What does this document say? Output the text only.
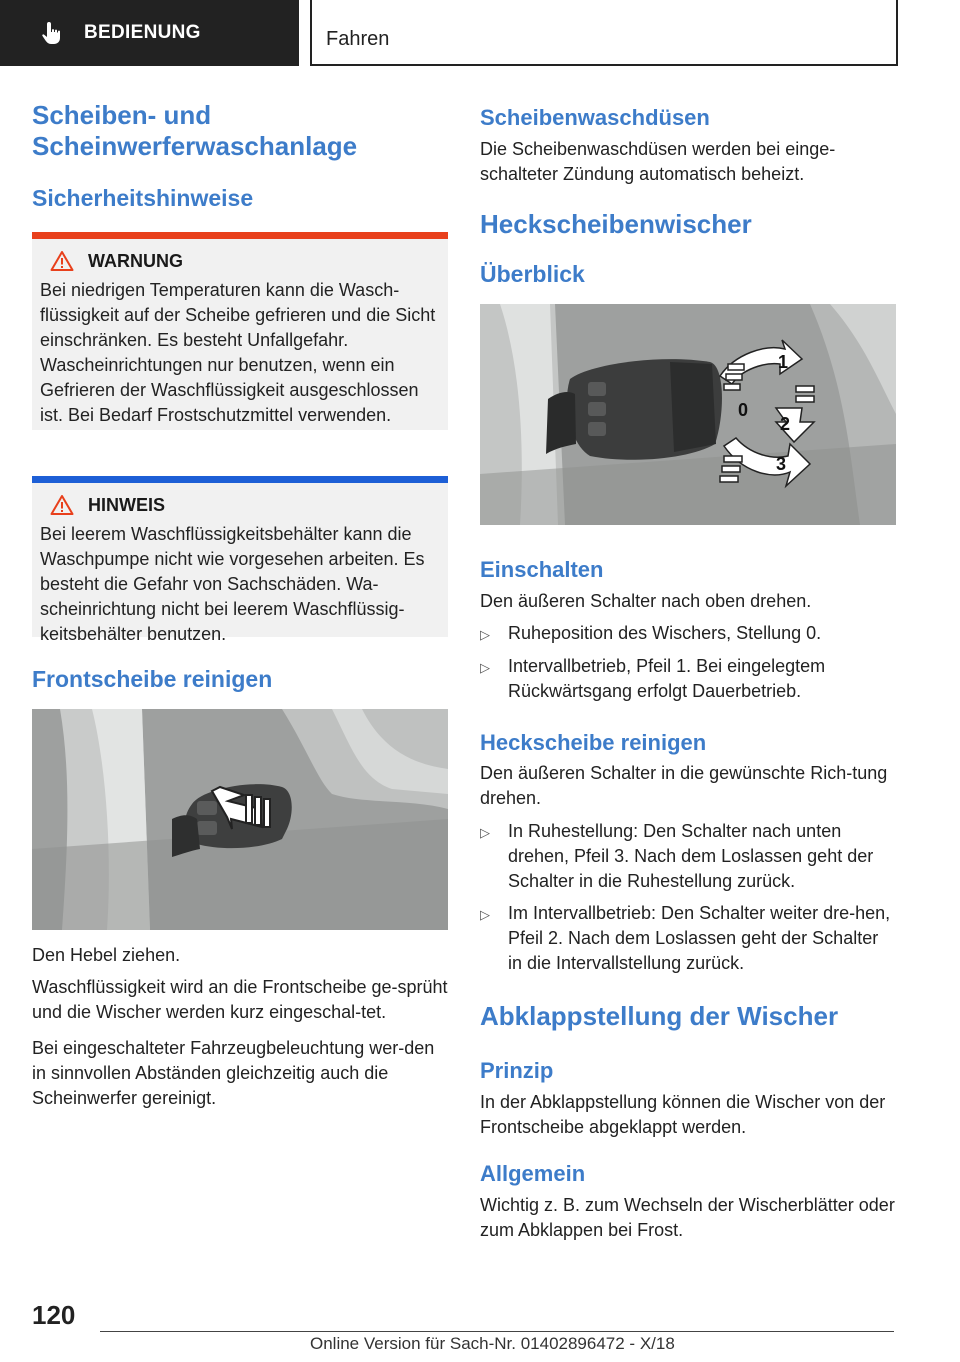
BEDIENUNG	Fahren
Scheiben- und Scheinwerferwaschanlage
Sicherheitshinweise
WARNUNG

Bei niedrigen Temperaturen kann die Wasch‐flüssigkeit auf der Scheibe gefrieren und die Sicht einschränken. Es besteht Unfallgefahr. Wascheinrichtungen nur benutzen, wenn ein Gefrieren der Waschflüssigkeit ausgeschlossen ist. Bei Bedarf Frostschutzmittel verwenden.

HINWEIS

Bei leerem Waschflüssigkeitsbehälter kann die Waschpumpe nicht wie vorgesehen arbeiten. Es besteht die Gefahr von Sachschäden. Wa‐scheinrichtung nicht bei leerem Waschflüssig‐keitsbehälter benutzen.

Frontscheibe reinigen

Den Hebel ziehen.

Waschflüssigkeit wird an die Frontscheibe ge‐sprüht und die Wischer werden kurz eingeschal‐tet.

Bei eingeschalteter Fahrzeugbeleuchtung wer‐den in sinnvollen Abständen gleichzeitig auch die Scheinwerfer gereinigt.

Scheibenwaschdüsen

Die Scheibenwaschdüsen werden bei einge‐schalteter Zündung automatisch beheizt.

Heckscheibenwischer
Überblick
0
1
2
3
Einschalten

Den äußeren Schalter nach oben drehen.

▷	Ruheposition des Wischers, Stellung 0.
▷	Intervallbetrieb, Pfeil 1. Bei eingelegtem Rückwärtsgang erfolgt Dauerbetrieb.
Heckscheibe reinigen

Den äußeren Schalter in die gewünschte Rich‐tung drehen.

▷	In Ruhestellung: Den Schalter nach unten drehen, Pfeil 3. Nach dem Loslassen geht der Schalter in die Ruhestellung zurück.
▷	Im Intervallbetrieb: Den Schalter weiter dre‐hen, Pfeil 2. Nach dem Loslassen geht der Schalter in die Intervallstellung zurück.
Abklappstellung der Wischer
Prinzip

In der Abklappstellung können die Wischer von der Frontscheibe abgeklappt werden.

Allgemein

Wichtig z. B. zum Wechseln der Wischerblätter oder zum Abklappen bei Frost.

120
Online Version für Sach-Nr. 01402896472 - X/18
